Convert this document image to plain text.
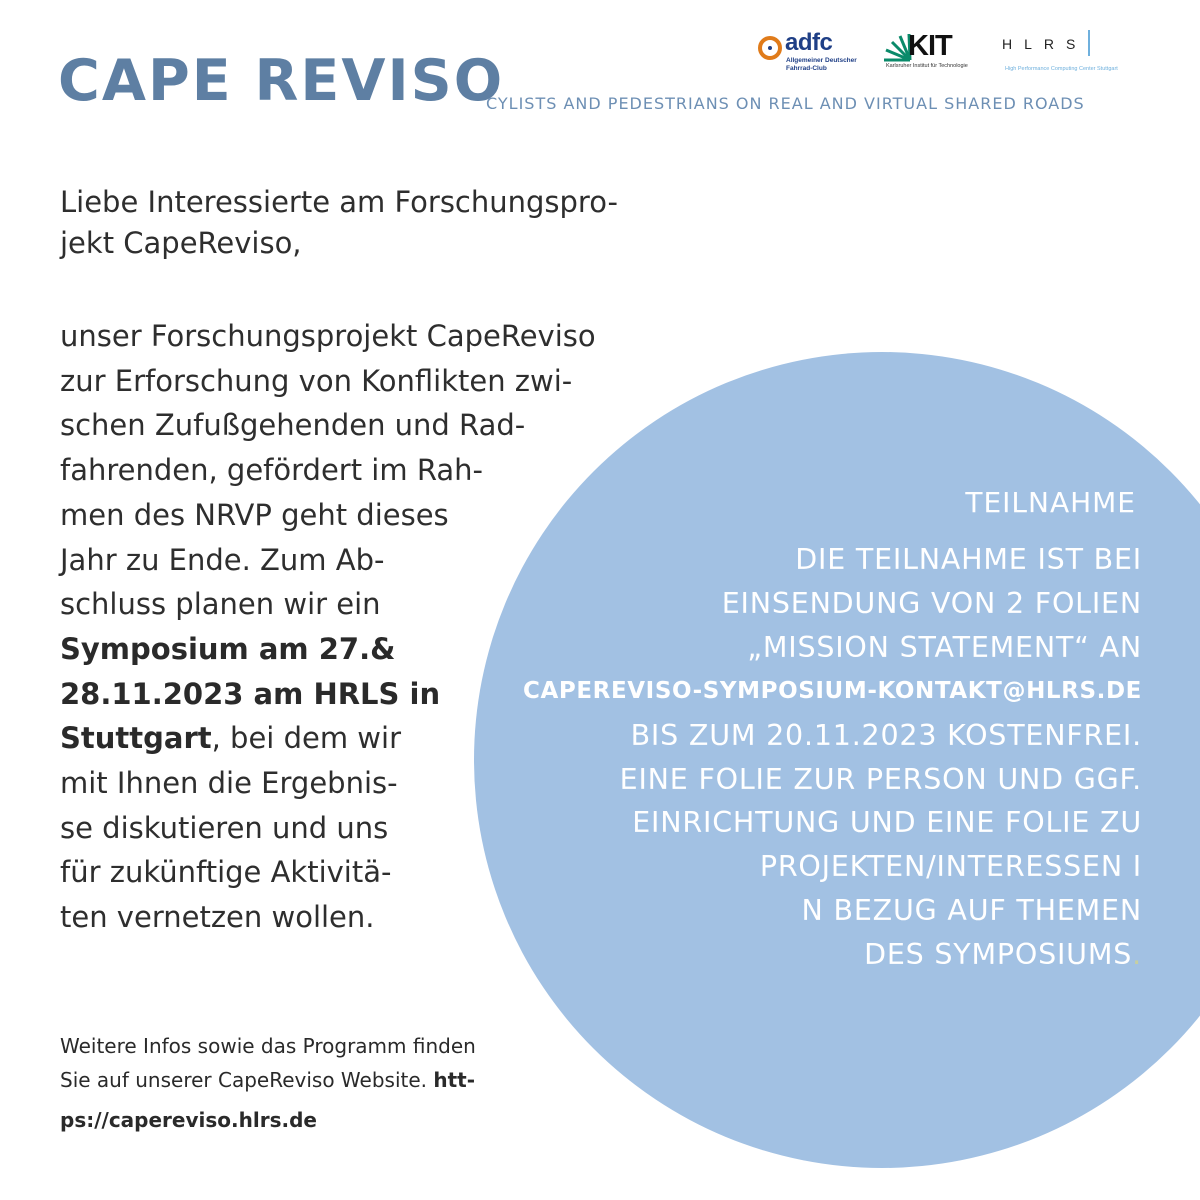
CAPE REVISO
CYLISTS AND PEDESTRIANS ON REAL AND VIRTUAL SHARED ROADS
adfc
Allgemeiner Deutscher
Fahrrad-Club
KIT
Karlsruher Institut für Technologie
HLRS
High Performance Computing Center Stuttgart
Liebe Interessierte am Forschungspro-
jekt CapeReviso,
unser Forschungsprojekt CapeReviso
zur Erforschung von Konflikten zwi-
schen Zufußgehenden und Rad-
fahrenden, gefördert im Rah-
men des NRVP geht dieses
Jahr zu Ende. Zum Ab-
schluss planen wir ein
Symposium am 27.&
28.11.2023 am HRLS in
Stuttgart, bei dem wir
mit Ihnen die Ergebnis-
se diskutieren und uns
für zukünftige Aktivitä-
ten vernetzen wollen.
TEILNAHME
DIE TEILNAHME IST BEI
EINSENDUNG VON 2 FOLIEN
„MISSION STATEMENT“ AN
CAPEREVISO-SYMPOSIUM-KONTAKT@HLRS.DE
BIS ZUM 20.11.2023 KOSTENFREI.
EINE FOLIE ZUR PERSON UND GGF.
EINRICHTUNG UND EINE FOLIE ZU
PROJEKTEN/INTERESSEN I
N BEZUG AUF THEMEN
DES SYMPOSIUMS.
Weitere Infos sowie das Programm finden
Sie auf unserer CapeReviso Website. htt-
ps://capereviso.hlrs.de
